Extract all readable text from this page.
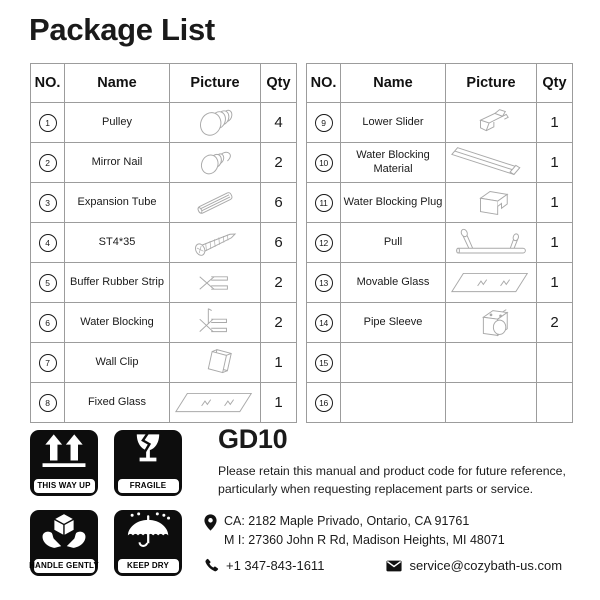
Package List
NO.	Name	Picture	Qty
1	Pulley		4
2	Mirror Nail		2
3	Expansion Tube		6
4	ST4*35		6
5	Buffer Rubber Strip		2
6	Water Blocking		2
7	Wall Clip		1
8	Fixed Glass		1
NO.	Name	Picture	Qty
9	Lower Slider		1
10	Water Blocking Material		1
11	Water Blocking Plug		1
12	Pull		1
13	Movable Glass		1
14	Pipe Sleeve		2
15			
16			
THIS WAY UP	FRAGILE
HANDLE GENTLY	KEEP DRY
GD10
Please retain this manual and product code for future reference, particularly when requesting replacement parts or service.
CA: 2182 Maple Privado, Ontario, CA 91761
M I: 27360 John R Rd, Madison Heights, MI 48071
+1 347-843-1611	service@cozybath-us.com
